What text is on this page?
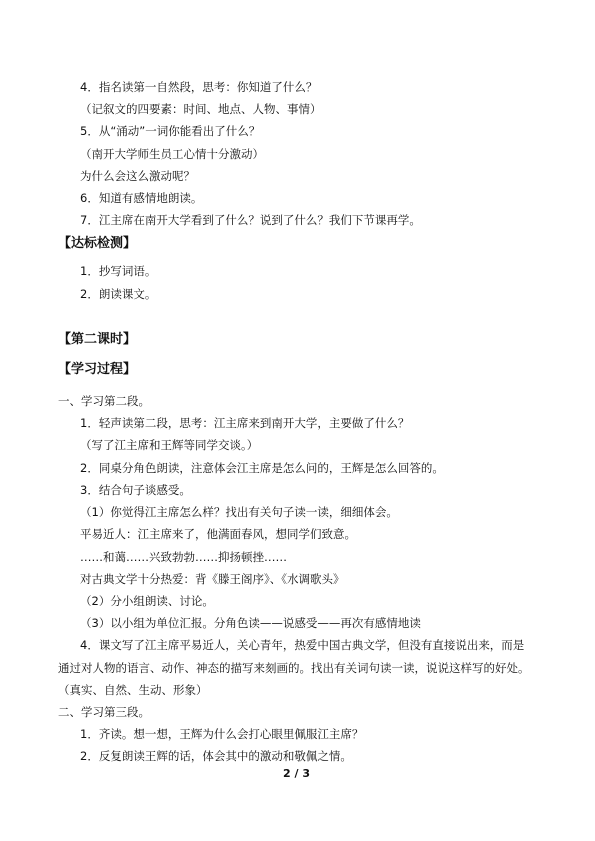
4．指名读第一自然段，思考：你知道了什么？
（记叙文的四要素：时间、地点、人物、事情）
5．从“涌动”一词你能看出了什么？
（南开大学师生员工心情十分激动）
为什么会这么激动呢？
6．知道有感情地朗读。
7．江主席在南开大学看到了什么？说到了什么？我们下节课再学。
【达标检测】
1．抄写词语。
2．朗读课文。
【第二课时】
【学习过程】
一、学习第二段。
1．轻声读第二段，思考：江主席来到南开大学，主要做了什么？
（写了江主席和王辉等同学交谈。）
2．同桌分角色朗读，注意体会江主席是怎么问的，王辉是怎么回答的。
3．结合句子谈感受。
（1）你觉得江主席怎么样？找出有关句子读一读，细细体会。
平易近人：江主席来了，他满面春风，想同学们致意。
……和蔼……兴致勃勃……抑扬顿挫……
对古典文学十分热爱：背《滕王阁序》、《水调歌头》
（2）分小组朗读、讨论。
（3）以小组为单位汇报。分角色读——说感受——再次有感情地读
4．课文写了江主席平易近人，关心青年，热爱中国古典文学，但没有直接说出来，而是
通过对人物的语言、动作、神态的描写来刻画的。找出有关词句读一读，说说这样写的好处。
（真实、自然、生动、形象）
二、学习第三段。
1．齐读。想一想，王辉为什么会打心眼里佩服江主席？
2．反复朗读王辉的话，体会其中的激动和敬佩之情。
2 / 3
